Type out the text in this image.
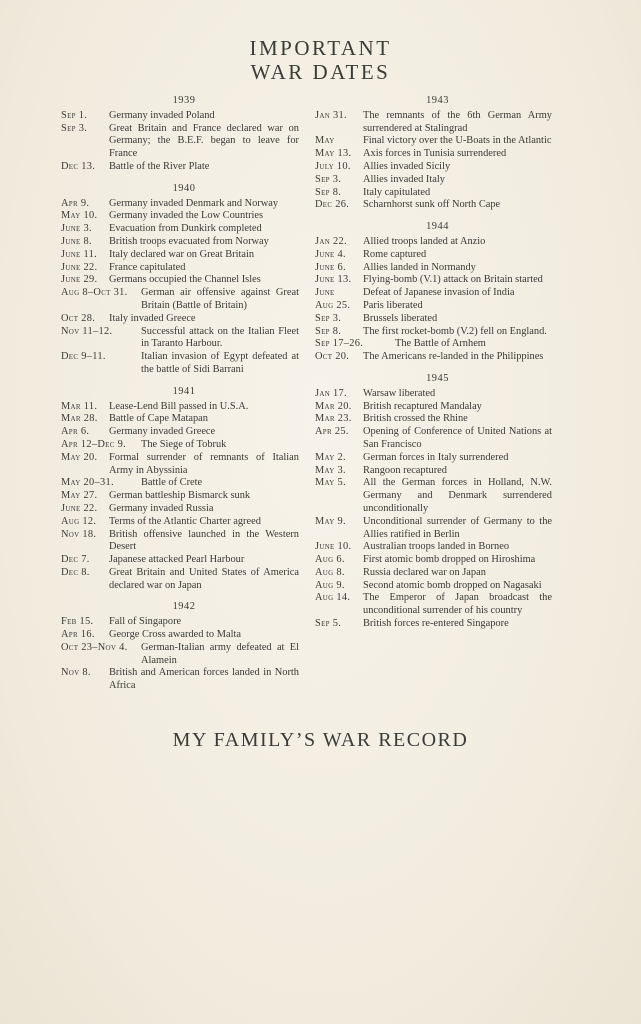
IMPORTANT
WAR DATES
1939
Sep 1.	Germany invaded Poland
Sep 3.	Great Britain and France declared war on Germany; the B.E.F. began to leave for France
Dec 13.	Battle of the River Plate
1940
Apr 9.	Germany invaded Denmark and Norway
May 10.	Germany invaded the Low Countries
June 3.	Evacuation from Dunkirk completed
June 8.	British troops evacuated from Norway
June 11.	Italy declared war on Great Britain
June 22.	France capitulated
June 29.	Germans occupied the Channel Isles
Aug 8–Oct 31.	German air offensive against Great Britain (Battle of Britain)
Oct 28.	Italy invaded Greece
Nov 11–12.	Successful attack on the Italian Fleet in Taranto Harbour.
Dec 9–11.	Italian invasion of Egypt defeated at the battle of Sidi Barrani
1941
Mar 11.	Lease-Lend Bill passed in U.S.A.
Mar 28.	Battle of Cape Matapan
Apr 6.	Germany invaded Greece
Apr 12–Dec 9.	The Siege of Tobruk
May 20.	Formal surrender of remnants of Italian Army in Abyssinia
May 20–31.	Battle of Crete
May 27.	German battleship Bismarck sunk
June 22.	Germany invaded Russia
Aug 12.	Terms of the Atlantic Charter agreed
Nov 18.	British offensive launched in the Western Desert
Dec 7.	Japanese attacked Pearl Harbour
Dec 8.	Great Britain and United States of America declared war on Japan
1942
Feb 15.	Fall of Singapore
Apr 16.	George Cross awarded to Malta
Oct 23–Nov 4.	German-Italian army defeated at El Alamein
Nov 8.	British and American forces landed in North Africa
1943
Jan 31.	The remnants of the 6th German Army surrendered at Stalingrad
May	Final victory over the U-Boats in the Atlantic
May 13.	Axis forces in Tunisia surrendered
July 10.	Allies invaded Sicily
Sep 3.	Allies invaded Italy
Sep 8.	Italy capitulated
Dec 26.	Scharnhorst sunk off North Cape
1944
Jan 22.	Allied troops landed at Anzio
June 4.	Rome captured
June 6.	Allies landed in Normandy
June 13.	Flying-bomb (V.1) attack on Britain started
June	Defeat of Japanese invasion of India
Aug 25.	Paris liberated
Sep 3.	Brussels liberated
Sep 8.	The first rocket-bomb (V.2) fell on England.
Sep 17–26.	The Battle of Arnhem
Oct 20.	The Americans re-landed in the Philippines
1945
Jan 17.	Warsaw liberated
Mar 20.	British recaptured Mandalay
Mar 23.	British crossed the Rhine
Apr 25.	Opening of Conference of United Nations at San Francisco
May 2.	German forces in Italy surrendered
May 3.	Rangoon recaptured
May 5.	All the German forces in Holland, N.W. Germany and Denmark surrendered unconditionally
May 9.	Unconditional surrender of Germany to the Allies ratified in Berlin
June 10.	Australian troops landed in Borneo
Aug 6.	First atomic bomb dropped on Hiroshima
Aug 8.	Russia declared war on Japan
Aug 9.	Second atomic bomb dropped on Nagasaki
Aug 14.	The Emperor of Japan broadcast the unconditional surrender of his country
Sep 5.	British forces re-entered Singapore
MY FAMILY’S WAR RECORD
